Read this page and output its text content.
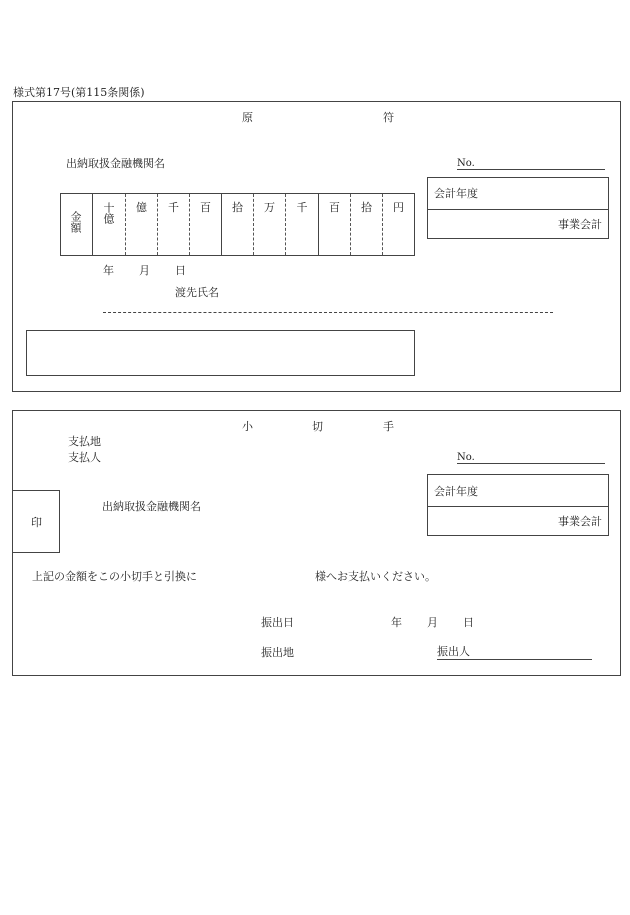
様式第17号(第115条関係)
原	符
出納取扱金融機関名	No.
金額 十億	億	千	百	拾	万	千	百	拾	円
会計年度
事業会計
年 月 日
渡先氏名
小	切	手
支払地
支払人	No.
印
出納取扱金融機関名
会計年度
事業会計
上記の金額をこの小切手と引換に	様へお支払いください。
振出日	年 月 日
振出地	振出人
